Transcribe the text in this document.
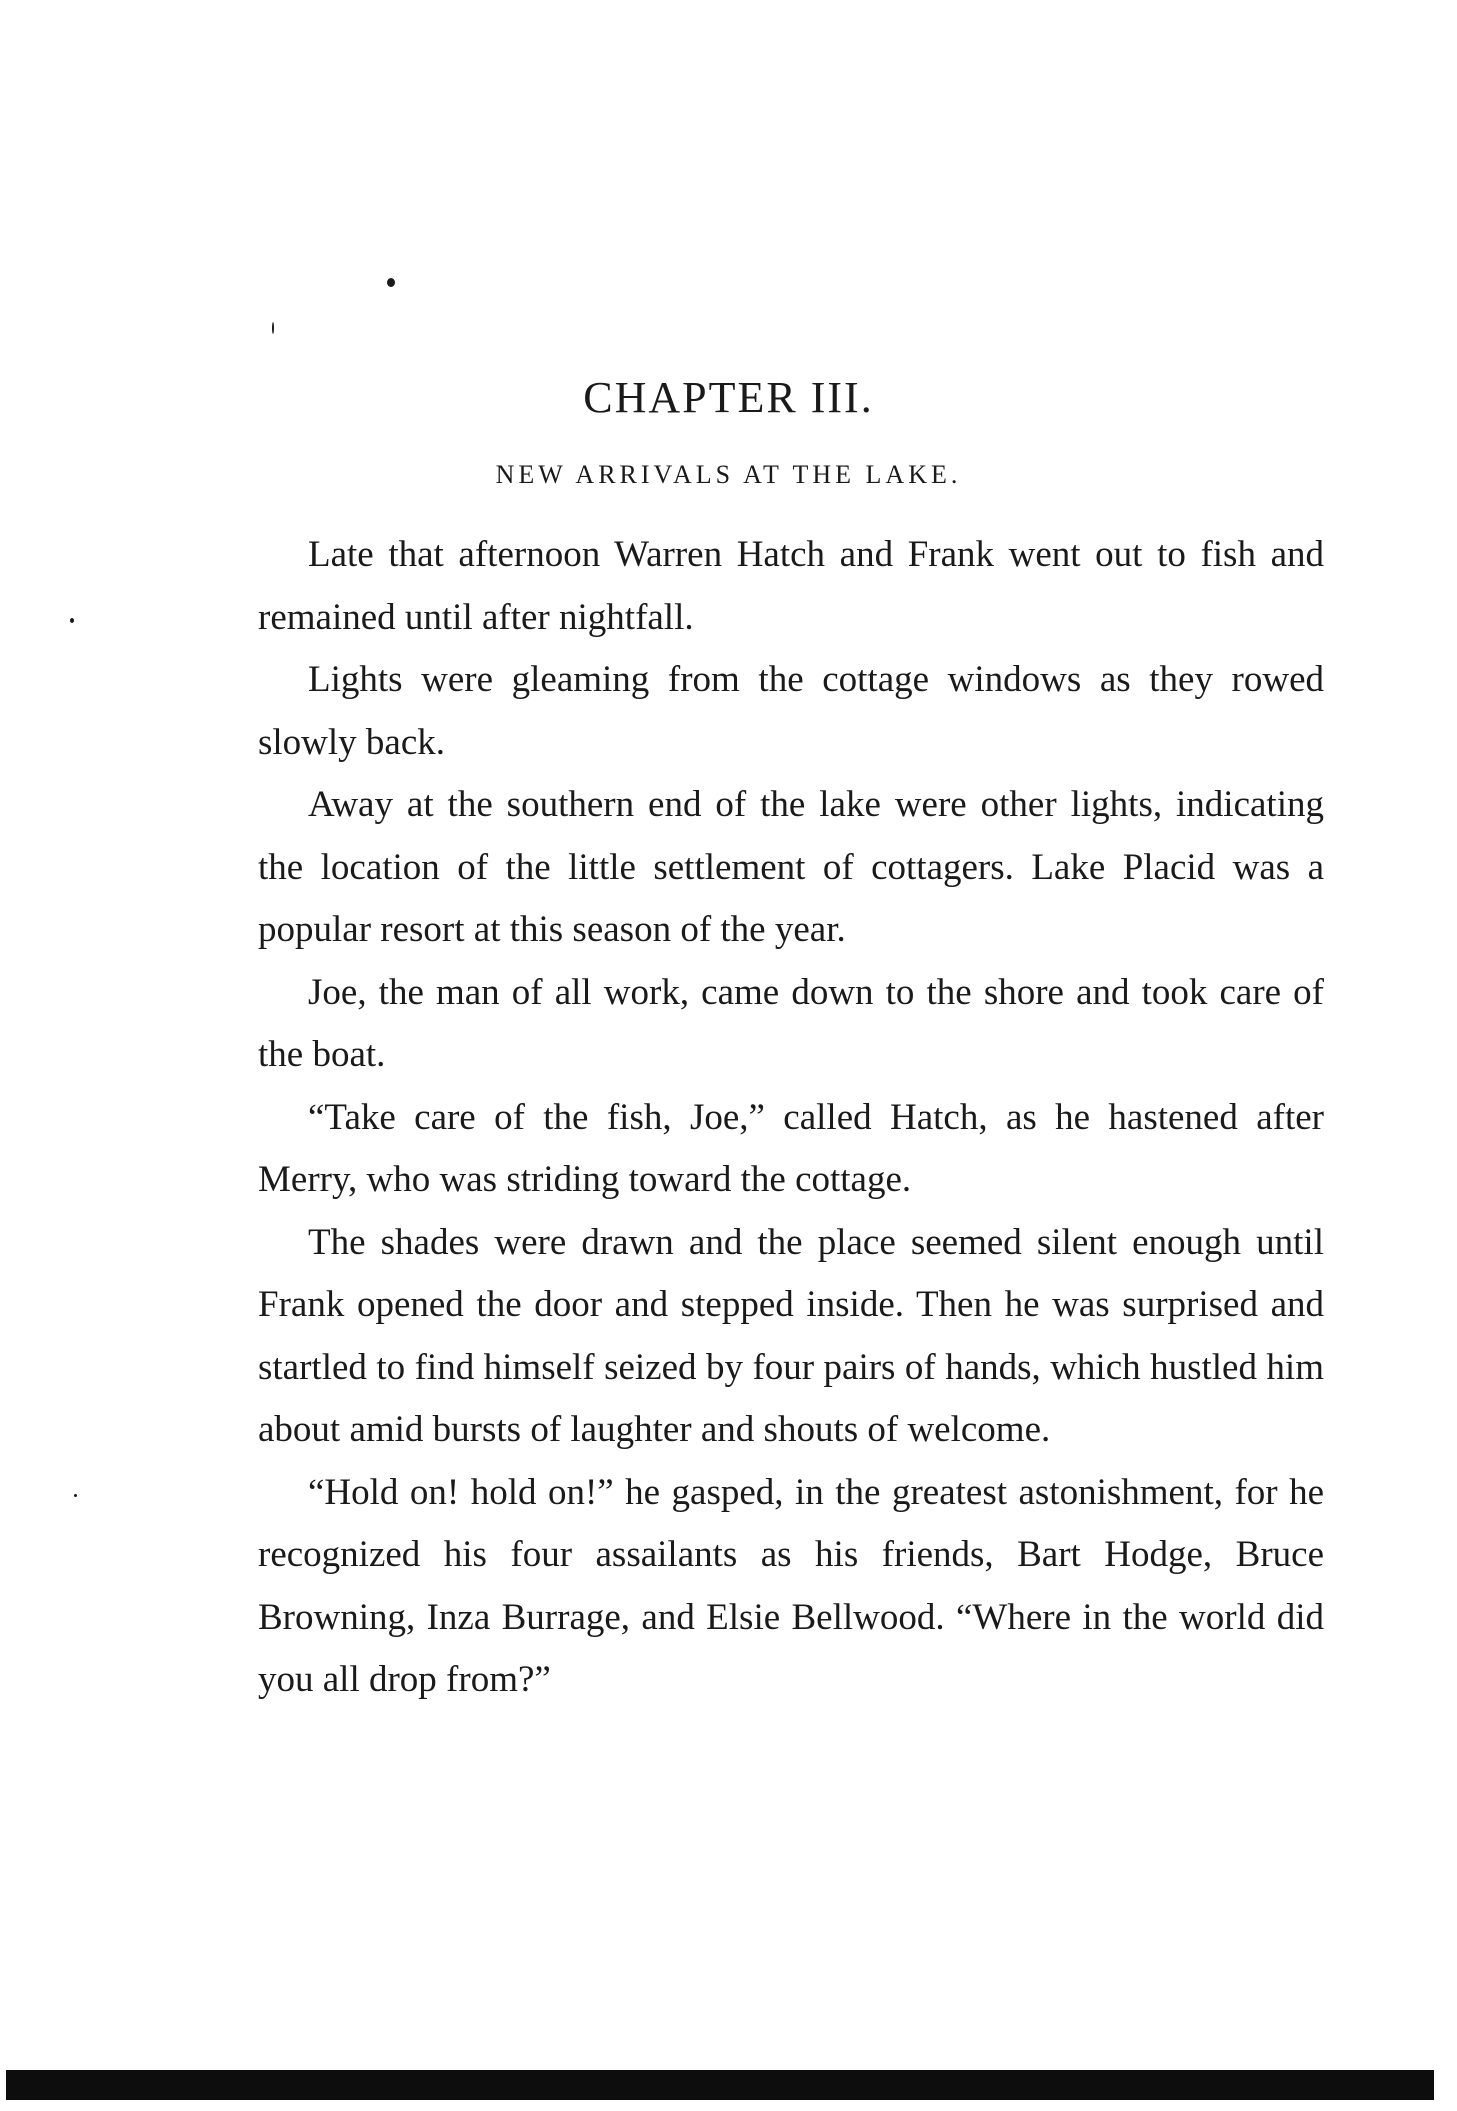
CHAPTER III.
NEW ARRIVALS AT THE LAKE.

Late that afternoon Warren Hatch and Frank went out to fish and remained until after nightfall.

Lights were gleaming from the cottage windows as they rowed slowly back.

Away at the southern end of the lake were other lights, indicating the location of the little settlement of cottagers. Lake Placid was a popular resort at this season of the year.

Joe, the man of all work, came down to the shore and took care of the boat.

“Take care of the fish, Joe,” called Hatch, as he hastened after Merry, who was striding toward the cottage.

The shades were drawn and the place seemed silent enough until Frank opened the door and stepped inside. Then he was surprised and startled to find himself seized by four pairs of hands, which hustled him about amid bursts of laughter and shouts of welcome.

“Hold on! hold on!” he gasped, in the greatest astonishment, for he recognized his four assailants as his friends, Bart Hodge, Bruce Browning, Inza Burrage, and Elsie Bellwood. “Where in the world did you all drop from?”
